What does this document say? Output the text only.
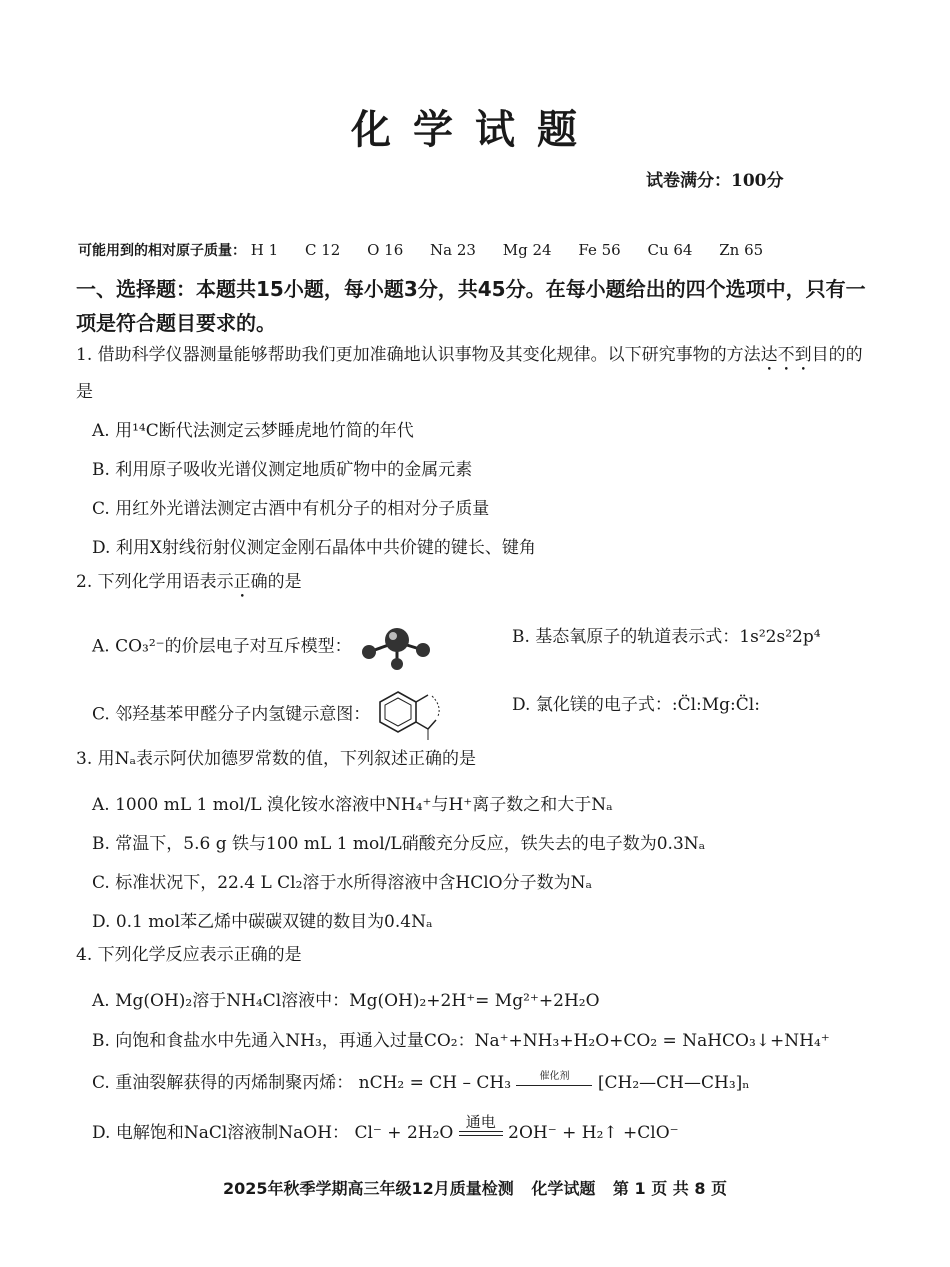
化学试题
试卷满分：100分
可能用到的相对原子质量： H 1 C 12 O 16 Na 23 Mg 24 Fe 56 Cu 64 Zn 65
一、选择题：本题共15小题，每小题3分，共45分。在每小题给出的四个选项中，只有一项是符合题目要求的。
1. 借助科学仪器测量能够帮助我们更加准确地认识事物及其变化规律。以下研究事物的方法达不到目的的是
A. 用¹⁴C断代法测定云梦睡虎地竹简的年代
B. 利用原子吸收光谱仪测定地质矿物中的金属元素
C. 用红外光谱法测定古酒中有机分子的相对分子质量
D. 利用X射线衍射仪测定金刚石晶体中共价键的键长、键角
2. 下列化学用语表示正确的是
A. CO₃²⁻的价层电子对互斥模型：	B. 基态氧原子的轨道表示式：1s²2s²2p⁴
C. 邻羟基苯甲醛分子内氢键示意图：	D. 氯化镁的电子式：:C̈l:Mg:C̈l:
3. 用Nₐ表示阿伏加德罗常数的值，下列叙述正确的是
A. 1000 mL 1 mol/L 溴化铵水溶液中NH₄⁺与H⁺离子数之和大于Nₐ
B. 常温下，5.6 g 铁与100 mL 1 mol/L硝酸充分反应，铁失去的电子数为0.3Nₐ
C. 标准状况下，22.4 L Cl₂溶于水所得溶液中含HClO分子数为Nₐ
D. 0.1 mol苯乙烯中碳碳双键的数目为0.4Nₐ
4. 下列化学反应表示正确的是
A. Mg(OH)₂溶于NH₄Cl溶液中：Mg(OH)₂+2H⁺= Mg²⁺+2H₂O
B. 向饱和食盐水中先通入NH₃，再通入过量CO₂：Na⁺+NH₃+H₂O+CO₂ = NaHCO₃↓+NH₄⁺
C. 重油裂解获得的丙烯制聚丙烯： nCH₂ = CH – CH₃	催化剂	[CH₂—CH—CH₃]ₙ
D. 电解饱和NaCl溶液制NaOH： Cl⁻ + 2H₂O
通电
2OH⁻ + H₂↑ +ClO⁻
2025年秋季学期高三年级12月质量检测 化学试题 第 1 页 共 8 页
